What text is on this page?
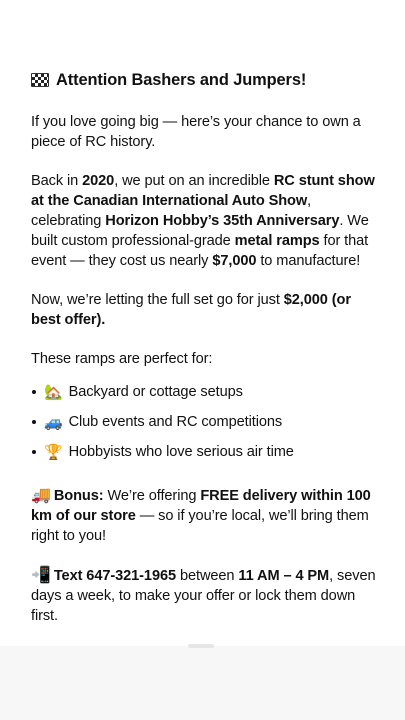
Attention Bashers and Jumpers!

If you love going big — here’s your chance to own a piece of RC history.

Back in 2020, we put on an incredible RC stunt show at the Canadian International Auto Show, celebrating Horizon Hobby’s 35th Anniversary. We built custom professional-grade metal ramps for that event — they cost us nearly $7,000 to manufacture!

Now, we’re letting the full set go for just $2,000 (or best offer).

These ramps are perfect for:
🏡 Backyard or cottage setups
🚙 Club events and RC competitions
🏆 Hobbyists who love serious air time

🚚 Bonus: We’re offering FREE delivery within 100 km of our store — so if you’re local, we’ll bring them right to you!

📲 Text 647-321-1965 between 11 AM – 4 PM, seven days a week, to make your offer or lock them down first.
